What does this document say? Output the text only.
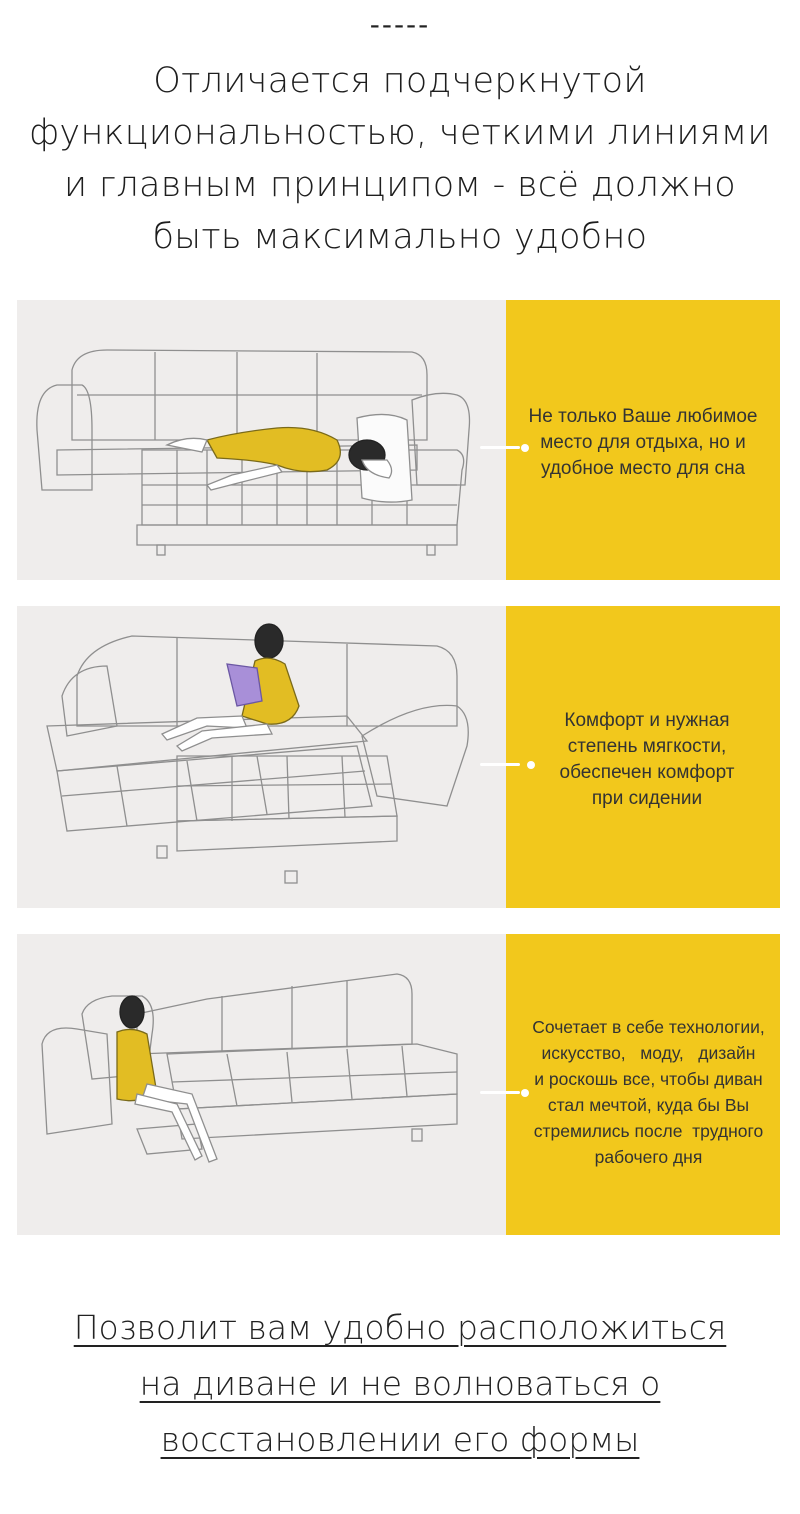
-----
Отличается подчеркнутой
функциональностью, четкими линиями
и главным принципом - всё должно
быть максимально удобно
Не только Ваше любимое
место для отдыха, но и
удобное место для сна
Комфорт и нужная
степень мягкости,
обеспечен комфорт
при сидении
Сочетает в себе технологии,
искусство,   моду,   дизайн
и роскошь все, чтобы диван
стал мечтой, куда бы Вы
стремились после  трудного
рабочего дня
Позволит вам удобно расположиться
на диване и не волноваться о
восстановлении его формы
